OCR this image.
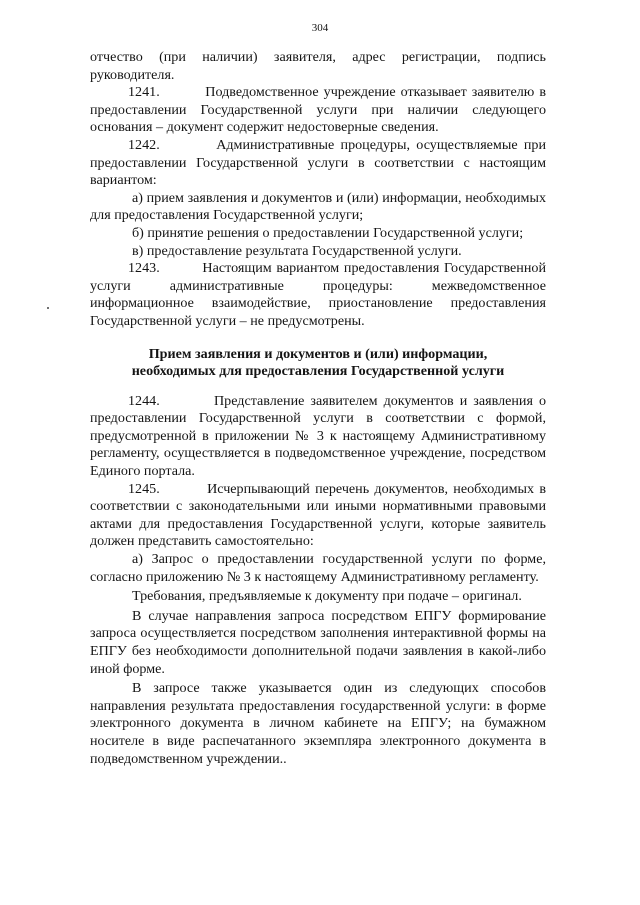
304

отчество (при наличии) заявителя, адрес регистрации, подпись руководителя.

1241.         Подведомственное учреждение отказывает заявителю в предоставлении Государственной услуги при наличии следующего основания – документ содержит недостоверные сведения.

1242.         Административные процедуры, осуществляемые при предоставлении Государственной услуги в соответствии с настоящим вариантом:

а) прием заявления и документов и (или) информации, необходимых для предоставления Государственной услуги;

б) принятие решения о предоставлении Государственной услуги;

в) предоставление результата Государственной услуги.

1243.         Настоящим вариантом предоставления Государственной услуги административные процедуры: межведомственное информационное взаимодействие, приостановление предоставления Государственной услуги – не предусмотрены.

Прием заявления и документов и (или) информации,
необходимых для предоставления Государственной услуги

1244.         Представление заявителем документов и заявления о предоставлении Государственной услуги в соответствии с формой, предусмотренной в приложении № 3 к настоящему Административному регламенту, осуществляется в подведомственное учреждение, посредством Единого портала.

1245.         Исчерпывающий перечень документов, необходимых в соответствии с законодательными или иными нормативными правовыми актами для предоставления Государственной услуги, которые заявитель должен представить самостоятельно:

а) Запрос о предоставлении государственной услуги по форме, согласно приложению № 3 к настоящему Административному регламенту.

Требования, предъявляемые к документу при подаче – оригинал.

В случае направления запроса посредством ЕПГУ формирование запроса осуществляется посредством заполнения интерактивной формы на ЕПГУ без необходимости дополнительной подачи заявления в какой-либо иной форме.

В запросе также указывается один из следующих способов направления результата предоставления государственной услуги: в форме электронного документа в личном кабинете на ЕПГУ; на бумажном носителе в виде распечатанного экземпляра электронного документа в подведомственном учреждении..
